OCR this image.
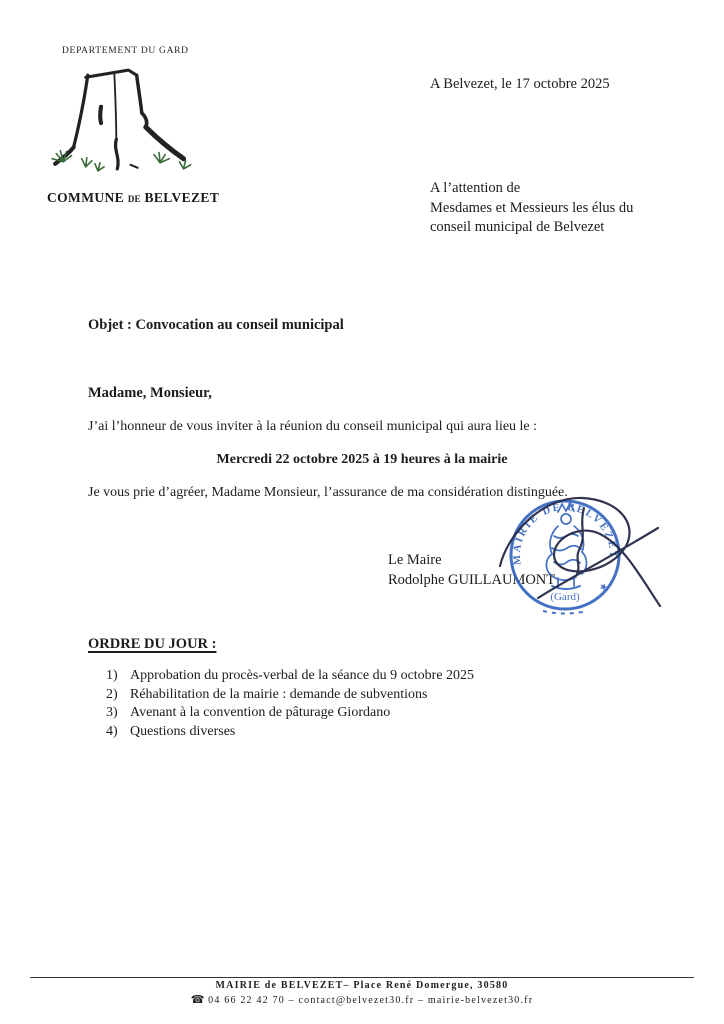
DEPARTEMENT DU GARD
COMMUNE DE BELVEZET
A Belvezet, le 17 octobre 2025
A l’attention de
Mesdames et Messieurs les élus du
conseil municipal de Belvezet
Objet : Convocation au conseil municipal
Madame, Monsieur,
J’ai l’honneur de vous inviter à la réunion du conseil municipal qui aura lieu le :
Mercredi 22 octobre 2025 à 19 heures à la mairie
Je vous prie d’agréer, Madame Monsieur, l’assurance de ma considération distinguée.
Le Maire
Rodolphe GUILLAUMONT
MAIRIE DE BELVEZET
★
(Gard)
ORDRE DU JOUR :
1) Approbation du procès-verbal de la séance du 9 octobre 2025
2) Réhabilitation de la mairie : demande de subventions
3) Avenant à la convention de pâturage Giordano
4) Questions diverses
MAIRIE de BELVEZET– Place René Domergue, 30580
☎ 04 66 22 42 70 – contact@belvezet30.fr – mairie-belvezet30.fr
